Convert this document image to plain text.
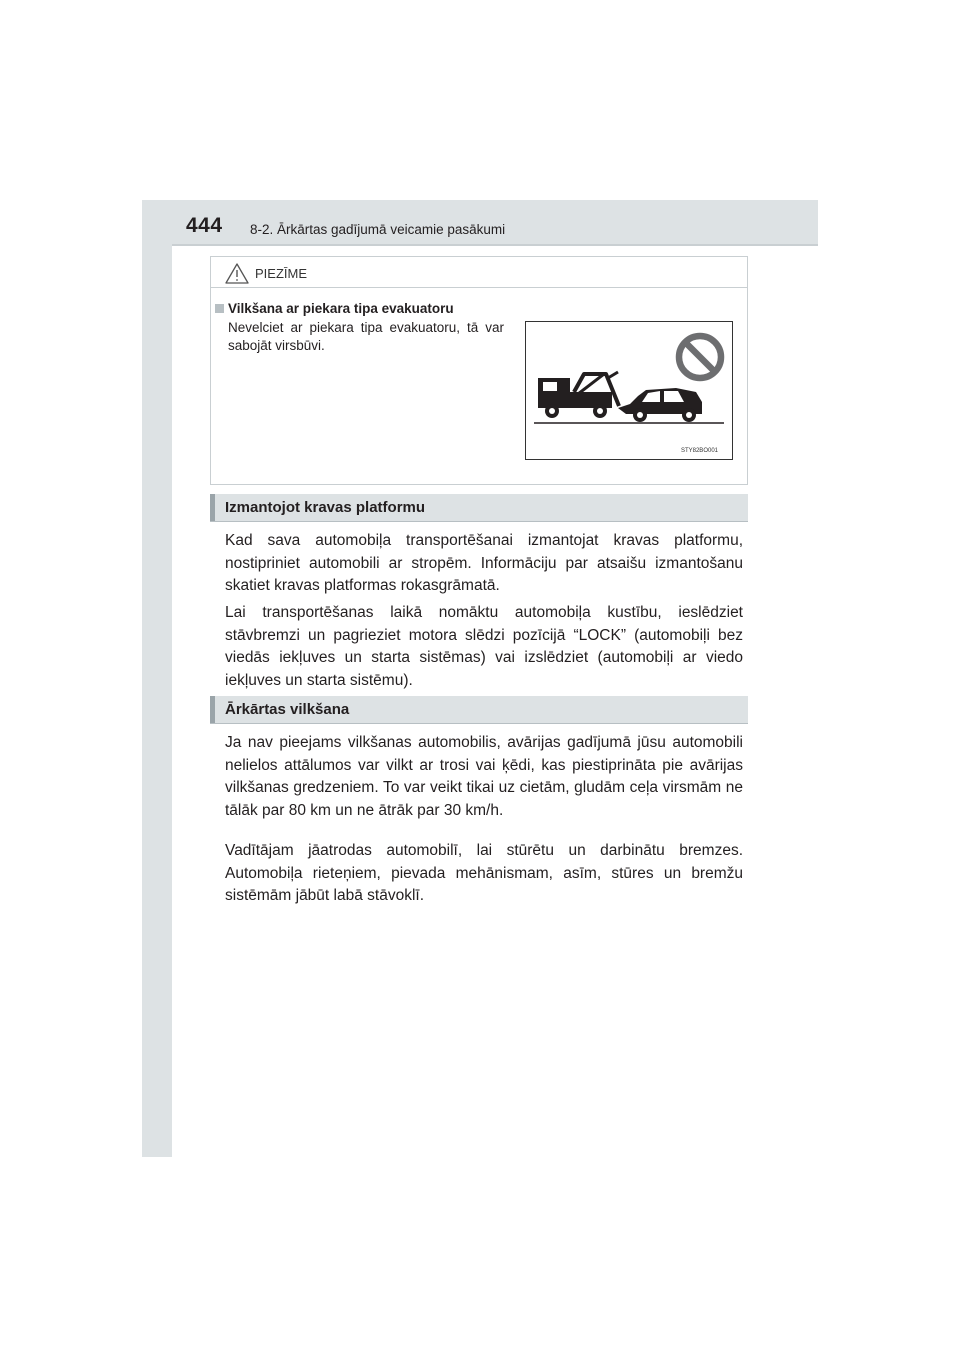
444 8-2. Ārkārtas gadījumā veicamie pasākumi
PIEZĪME
Vilkšana ar piekara tipa evakuatoru
Nevelciet ar piekara tipa evakuatoru, tā var sabojāt virsbūvi.
STY82BO001
Izmantojot kravas platformu

Kad sava automobiļa transportēšanai izmantojat kravas platformu, nostipriniet automobili ar stropēm. Informāciju par atsaišu izmantošanu skatiet kravas platformas rokasgrāmatā.

Lai transportēšanas laikā nomāktu automobiļa kustību, ieslēdziet stāvbremzi un pagrieziet motora slēdzi pozīcijā “LOCK” (automobiļi bez viedās iekļuves un starta sistēmas) vai izslēdziet (automobiļi ar viedo iekļuves un starta sistēmu).

Ārkārtas vilkšana

Ja nav pieejams vilkšanas automobilis, avārijas gadījumā jūsu automobili nelielos attālumos var vilkt ar trosi vai ķēdi, kas piestiprināta pie avārijas vilkšanas gredzeniem. To var veikt tikai uz cietām, gludām ceļa virsmām ne tālāk par 80 km un ne ātrāk par 30 km/h.

Vadītājam jāatrodas automobilī, lai stūrētu un darbinātu bremzes. Automobiļa rieteņiem, pievada mehānismam, asīm, stūres un bremžu sistēmām jābūt labā stāvoklī.
